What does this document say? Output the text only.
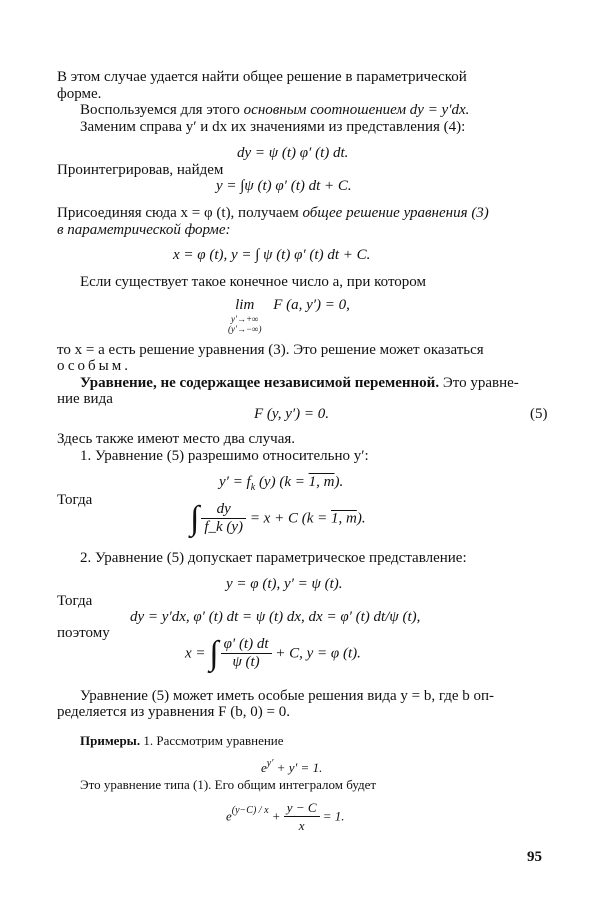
В этом случае удается найти общее решение в параметрической
форме.
Воспользуемся для этого основным соотношением dy = y′dx.
Заменим справа y′ и dx их значениями из представления (4):
dy = ψ (t) φ′ (t) dt.
Проинтегрировав, найдем
y = ∫ψ (t) φ′ (t) dt + C.
Присоединяя сюда x = φ (t), получаем общее решение уравнения (3)
в параметрической форме:
x = φ (t), y = ∫ ψ (t) φ′ (t) dt + C.
Если существует такое конечное число a, при котором
lim
y′→+∞
(y′→−∞)
F (a, y′) = 0,
то x = a есть решение уравнения (3). Это решение может оказаться
особым.
Уравнение, не содержащее независимой переменной. Это уравне-
ние вида
F (y, y′) = 0.	(5)
Здесь также имеют место два случая.
1. Уравнение (5) разрешимо относительно y′:
$y' = f_k$ (y) (k = 1, m).
Тогда	∫ $\frac{dy}{f\_k (y)} = x + C$ (k = 1, m).
2. Уравнение (5) допускает параметрическое представление:
y = φ (t), y′ = ψ (t).
Тогда
dy = y′dx, φ′ (t) dt = ψ (t) dx, dx = φ′ (t) dt/ψ (t),
поэтому
x = ∫ $\frac{\varphi' (t) dt}{\psi (t)} + C$, y = φ (t).
Уравнение (5) может иметь особые решения вида y = b, где b оп-
ределяется из уравнения F (b, 0) = 0.
Примеры. 1. Рассмотрим уравнение
$e^{y'} + y' = 1$.
Это уравнение типа (1). Его общим интегралом будет
$e^{(y-C) / x} + \frac{y - C}{x} = 1$.
95
